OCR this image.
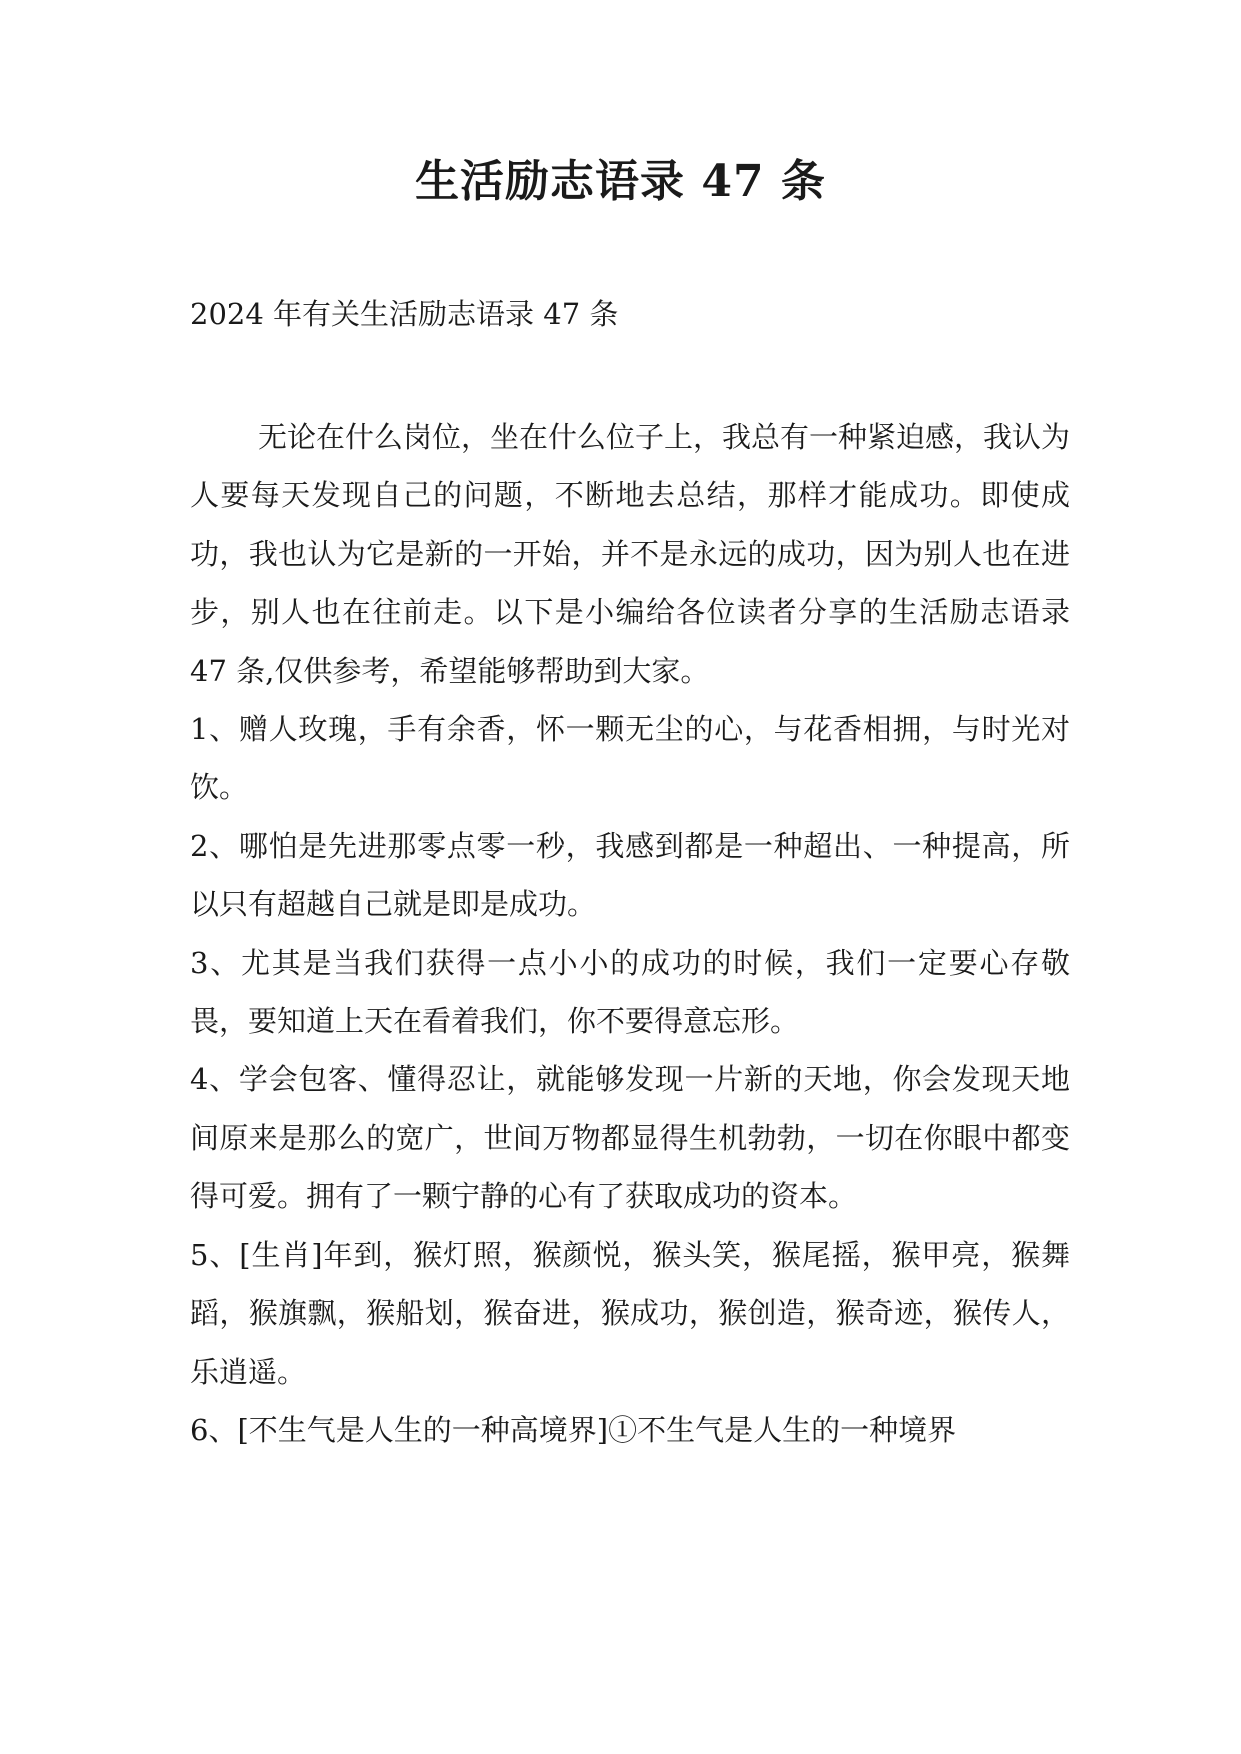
生活励志语录 47 条
2024 年有关生活励志语录 47 条

无论在什么岗位，坐在什么位子上，我总有一种紧迫感，我认为人要每天发现自己的问题，不断地去总结，那样才能成功。即使成功，我也认为它是新的一开始，并不是永远的成功，因为别人也在进步，别人也在往前走。以下是小编给各位读者分享的生活励志语录 47 条,仅供参考，希望能够帮助到大家。

1、赠人玫瑰，手有余香，怀一颗无尘的心，与花香相拥，与时光对饮。

2、哪怕是先进那零点零一秒，我感到都是一种超出、一种提高，所以只有超越自己就是即是成功。

3、尤其是当我们获得一点小小的成功的时候，我们一定要心存敬畏，要知道上天在看着我们，你不要得意忘形。

4、学会包客、懂得忍让，就能够发现一片新的天地，你会发现天地间原来是那么的宽广，世间万物都显得生机勃勃，一切在你眼中都变得可爱。拥有了一颗宁静的心有了获取成功的资本。

5、[生肖]年到，猴灯照，猴颜悦，猴头笑，猴尾摇，猴甲亮，猴舞蹈，猴旗飘，猴船划，猴奋进，猴成功，猴创造，猴奇迹，猴传人，乐逍遥。

6、[不生气是人生的一种高境界]①不生气是人生的一种境界
